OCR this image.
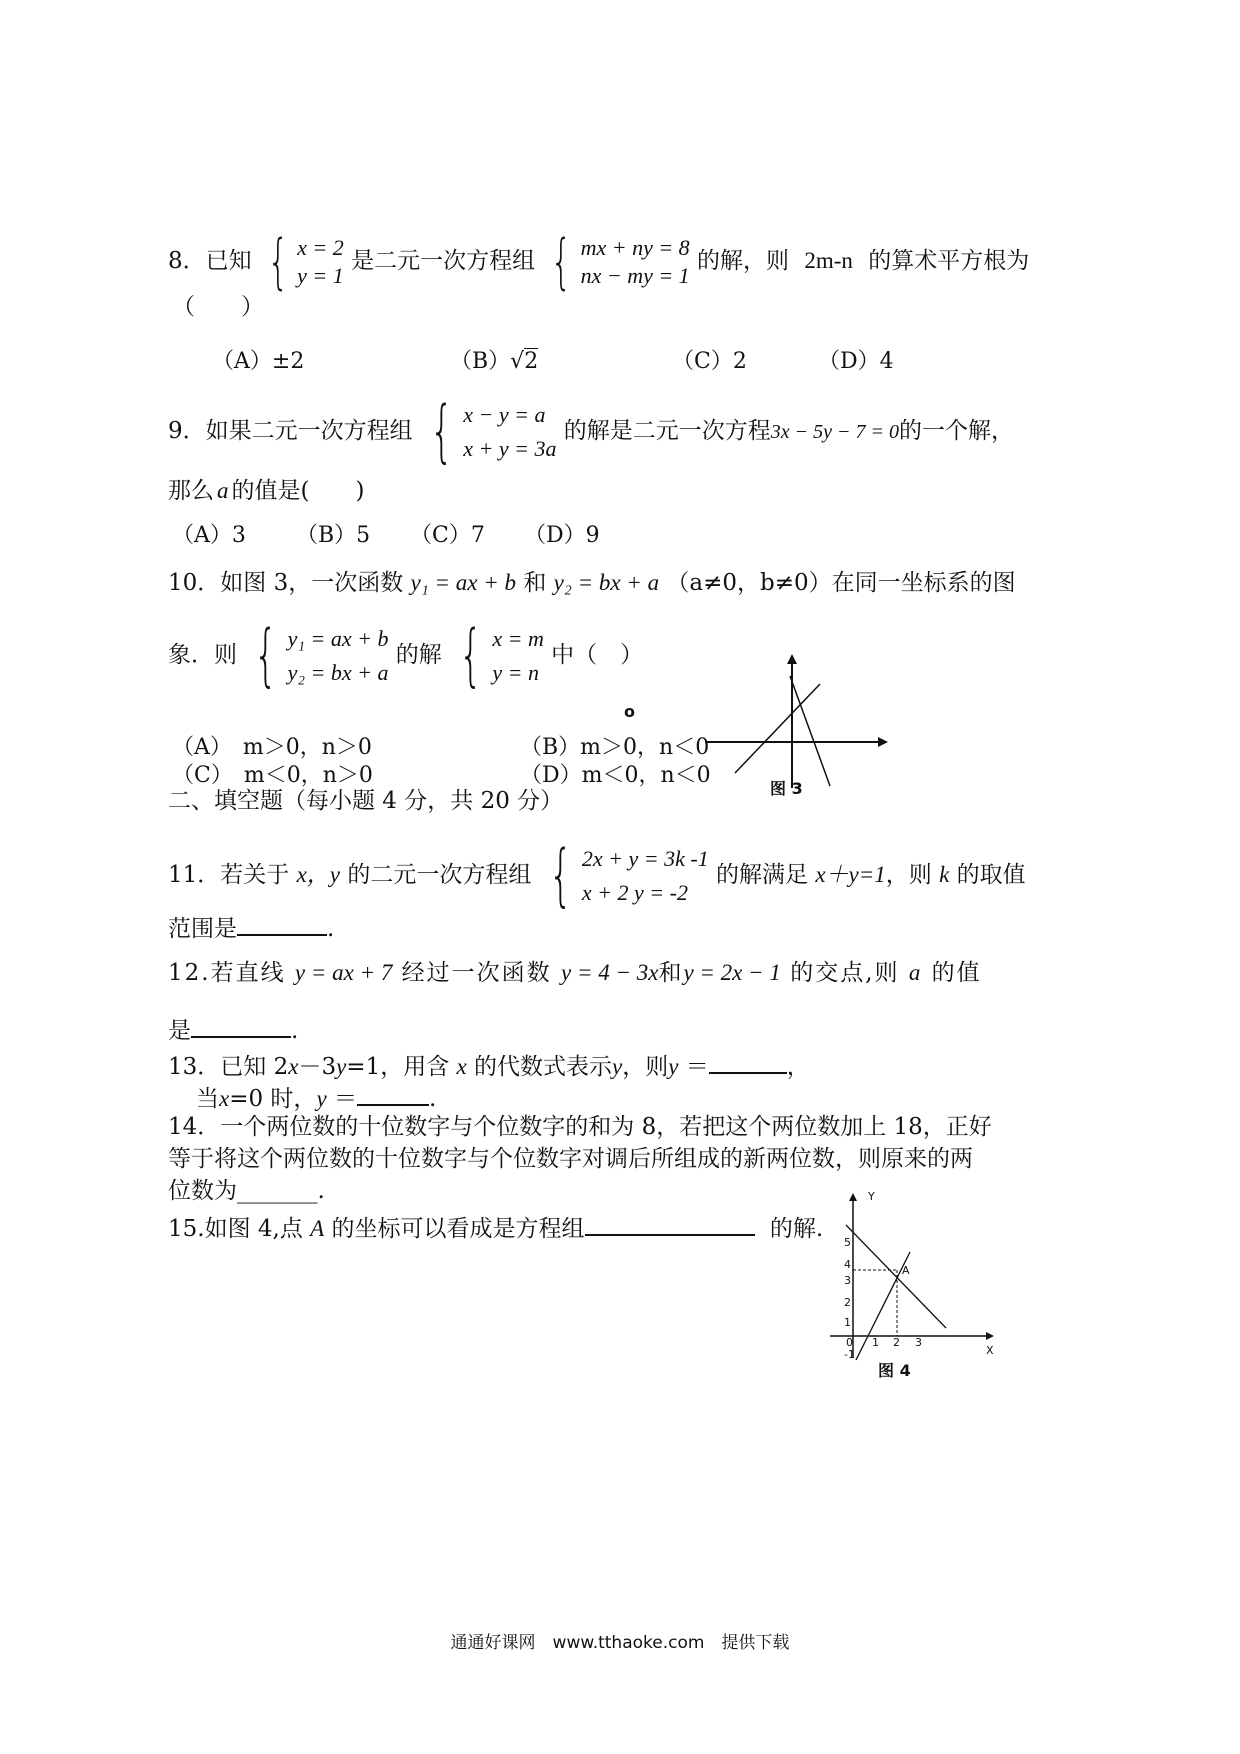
8．已知 { x = 2
y = 1
是二元一次方程组 { mx + ny = 8
nx − my = 1
的解，则 2m-n 的算术平方根为
（　　）
（A）±2	（B）√2	（C）2	（D）4
9．如果二元一次方程组 { x − y = a
x + y = 3a
的解是二元一次方程3x − 5y − 7 = 0的一个解，
那么 a 的值是(　　)
（A）3 （B）5 （C）7 （D）9
10．如图 3，一次函数 y₁ = ax + b 和 y₂ = bx + a （a≠0，b≠0）在同一坐标系的图
象．则 { y₁ = ax + b
y₂ = bx + a
的解 { x = m
y = n
中（　）
（A）　m＞0，n＞0	（B）m＞0，n＜0
（C）　m＜0，n＞0	（D）m＜0，n＜0
o
图 3
二、填空题（每小题 4 分，共 20 分）
11．若关于 x，y 的二元一次方程组 { 2x + y = 3k -1
x + 2 y = -2
的解满足 x＋y=1，则 k 的取值
范围是	.
12.若直线 y = ax + 7 经过一次函数 y = 4 − 3x和y = 2x − 1 的交点,则 a 的值
是	.
13．已知 2x－3y=1，用含 x 的代数式表示y，则y ＝	，
当x=0 时，y ＝	.
14．一个两位数的十位数字与个位数字的和为 8，若把这个两位数加上 18，正好
等于将这个两位数的十位数字与个位数字对调后所组成的新两位数，则原来的两
位数为_______.
15.如图 4,点 A 的坐标可以看成是方程组	的解.
Y
X
A
5
4
3
2
1
0
-1
1 2 3
图 4
通通好课网　www.tthaoke.com　提供下载
